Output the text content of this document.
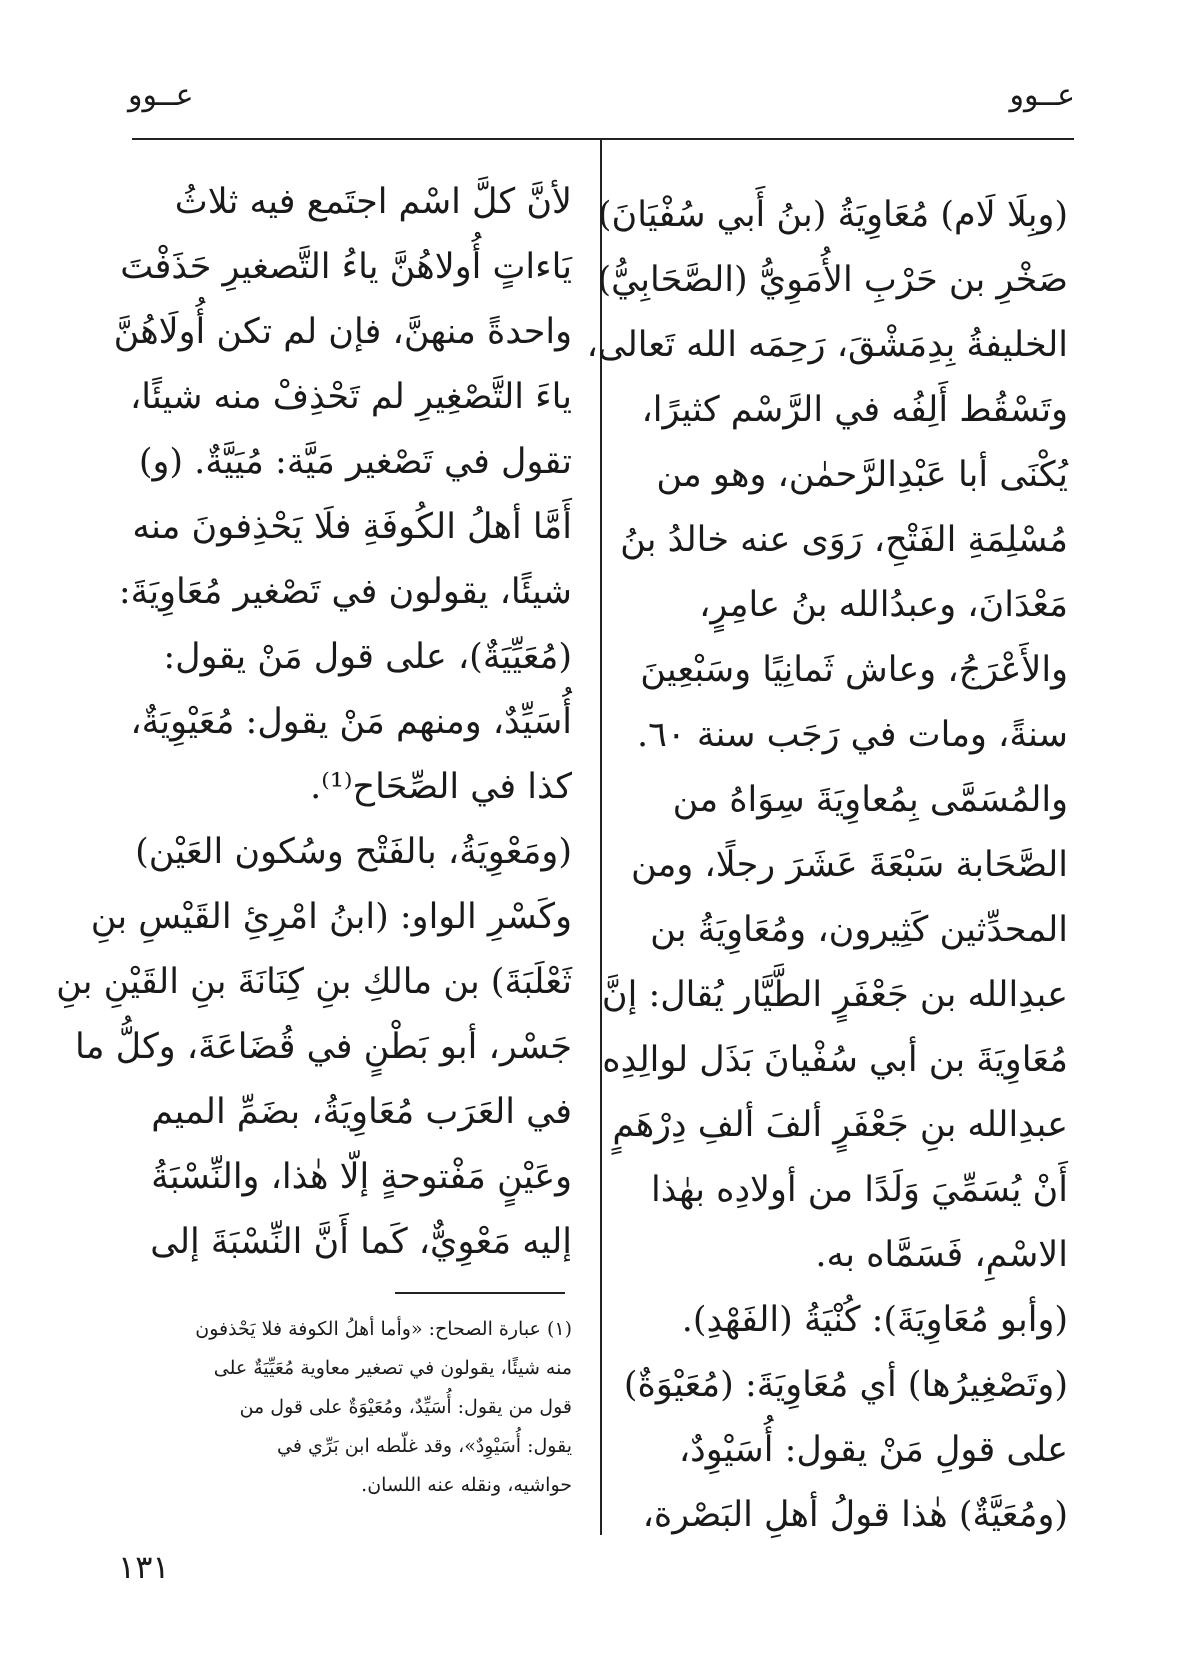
عــوو
عــوو
(وبِلَا لَام) مُعَاوِيَةُ (بنُ أَبي سُفْيَانَ)
صَخْرِ بن حَرْبِ الأُمَوِيُّ (الصَّحَابِيُّ)
الخليفةُ بِدِمَشْقَ، رَحِمَه الله تَعالى،
وتَسْقُط أَلِفُه في الرَّسْم كثيرًا،
يُكْنَى أبا عَبْدِالرَّحمٰن، وهو من
مُسْلِمَةِ الفَتْحِ، رَوَى عنه خالدُ بنُ
مَعْدَانَ، وعبدُالله بنُ عامِرٍ،
والأَعْرَجُ، وعاش ثَمانِيًا وسَبْعِينَ
سنةً، ومات في رَجَب سنة ٦٠.
والمُسَمَّى بِمُعاوِيَةَ سِوَاهُ من
الصَّحَابة سَبْعَةَ عَشَرَ رجلًا، ومن
المحدِّثين كَثِيرون، ومُعَاوِيَةُ بن
عبدِالله بن جَعْفَرٍ الطَّيَّار يُقال: إنَّ
مُعَاوِيَةَ بن أبي سُفْيانَ بَذَل لوالِدِه
عبدِالله بنِ جَعْفَرٍ ألفَ ألفِ دِرْهَمٍ
أَنْ يُسَمِّيَ وَلَدًا من أولادِه بهٰذا
الاسْمِ، فَسَمَّاه به.
(وأبو مُعَاوِيَةَ): كُنْيَةُ (الفَهْدِ).
(وتَصْغِيرُها) أي مُعَاوِيَةَ: (مُعَيْوَةٌ)
على قولِ مَنْ يقول: أُسَيْوِدٌ،
(ومُعَيَّةٌ) هٰذا قولُ أهلِ البَصْرة،
لأنَّ كلَّ اسْم اجتَمع فيه ثلاثُ
يَاءاتٍ أُولاهُنَّ ياءُ التَّصغيرِ حَذَفْتَ
واحدةً منهنَّ، فإن لم تكن أُولَاهُنَّ
ياءَ التَّصْغِيرِ لم تَحْذِفْ منه شيئًا،
تقول في تَصْغير مَيَّة: مُيَيَّةٌ. (و)
أَمَّا أهلُ الكُوفَةِ فلَا يَحْذِفونَ منه
شيئًا، يقولون في تَصْغير مُعَاوِيَةَ:
(مُعَيِّيَةٌ)، على قول مَنْ يقول:
أُسَيِّدٌ، ومنهم مَنْ يقول: مُعَيْوِيَةٌ،
كذا في الصِّحَاح⁽¹⁾.
(ومَعْوِيَةُ، بالفَتْح وسُكون العَيْن)
وكَسْرِ الواو: (ابنُ امْرِئِ القَيْسِ بنِ
ثَعْلَبَةَ) بن مالكِ بنِ كِنَانَةَ بنِ القَيْنِ بنِ
جَسْر، أبو بَطْنٍ في قُضَاعَةَ، وكلُّ ما
في العَرَب مُعَاوِيَةُ، بضَمِّ الميم
وعَيْنٍ مَفْتوحةٍ إلّا هٰذا، والنِّسْبَةُ
إليه مَعْوِيٌّ، كَما أَنَّ النِّسْبَةَ إلى
(١) عبارة الصحاح: «وأما أهلُ الكوفة فلا يَحْذفون
منه شيئًا، يقولون في تصغير معاوية مُعَيِّيَةٌ على
قول من يقول: أُسَيِّدٌ، ومُعَيْوَةٌ على قول من
يقول: أُسَيْوِدٌ»، وقد غلّطه ابن بَرِّي في
حواشيه، ونقله عنه اللسان.
١٣١
